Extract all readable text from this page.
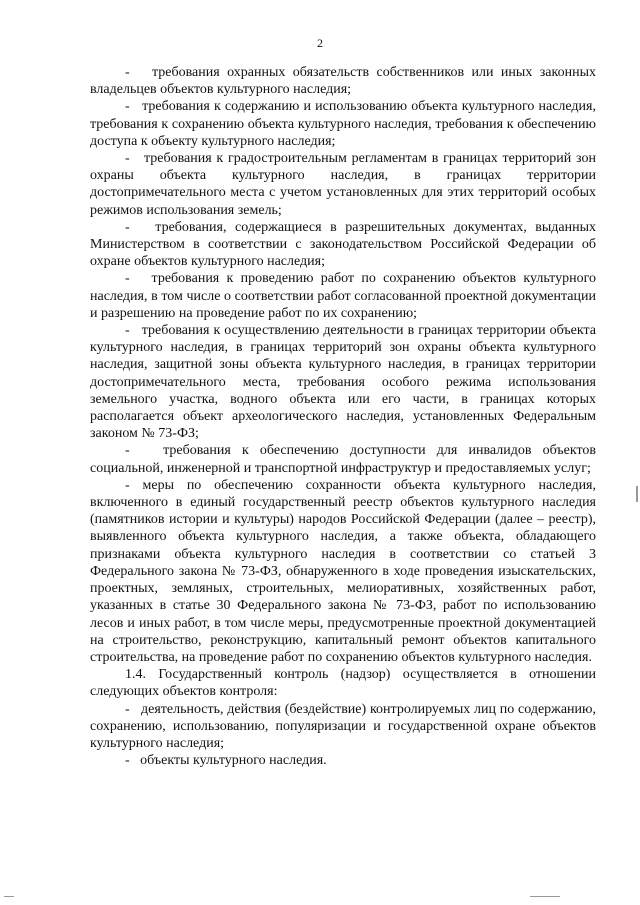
2

-   требования охранных обязательств собственников или иных законных владельцев объектов культурного наследия;

-   требования к содержанию и использованию объекта культурного наследия, требования к сохранению объекта культурного наследия, требования к обеспечению доступа к объекту культурного наследия;

-   требования к градостроительным регламентам в границах территорий зон охраны объекта культурного наследия, в границах территории достопримечательного места с учетом установленных для этих территорий особых режимов использования земель;

-   требования, содержащиеся в разрешительных документах, выданных Министерством в соответствии с законодательством Российской Федерации об охране объектов культурного наследия;

-   требования к проведению работ по сохранению объектов культурного наследия, в том числе о соответствии работ согласованной проектной документации и разрешению на проведение работ по их сохранению;

-   требования к осуществлению деятельности в границах территории объекта культурного наследия, в границах территорий зон охраны объекта культурного наследия, защитной зоны объекта культурного наследия, в границах территории достопримечательного места, требования особого режима использования земельного участка, водного объекта или его части, в границах которых располагается объект археологического наследия, установленных Федеральным законом № 73-ФЗ;

-   требования к обеспечению доступности для инвалидов объектов социальной, инженерной и транспортной инфраструктур и предоставляемых услуг;

- меры по обеспечению сохранности объекта культурного наследия, включенного в единый государственный реестр объектов культурного наследия (памятников истории и культуры) народов Российской Федерации (далее – реестр), выявленного объекта культурного наследия, а также объекта, обладающего признаками объекта культурного наследия в соответствии со статьей 3 Федерального закона № 73-ФЗ, обнаруженного в ходе проведения изыскательских, проектных, земляных, строительных, мелиоративных, хозяйственных работ, указанных в статье 30 Федерального закона № 73-ФЗ, работ по использованию лесов и иных работ, в том числе меры, предусмотренные проектной документацией на строительство, реконструкцию, капитальный ремонт объектов капитального строительства, на проведение работ по сохранению объектов культурного наследия.

1.4. Государственный контроль (надзор) осуществляется в отношении следующих объектов контроля:

-   деятельность, действия (бездействие) контролируемых лиц по содержанию, сохранению, использованию, популяризации и государственной охране объектов культурного наследия;

-   объекты культурного наследия.
